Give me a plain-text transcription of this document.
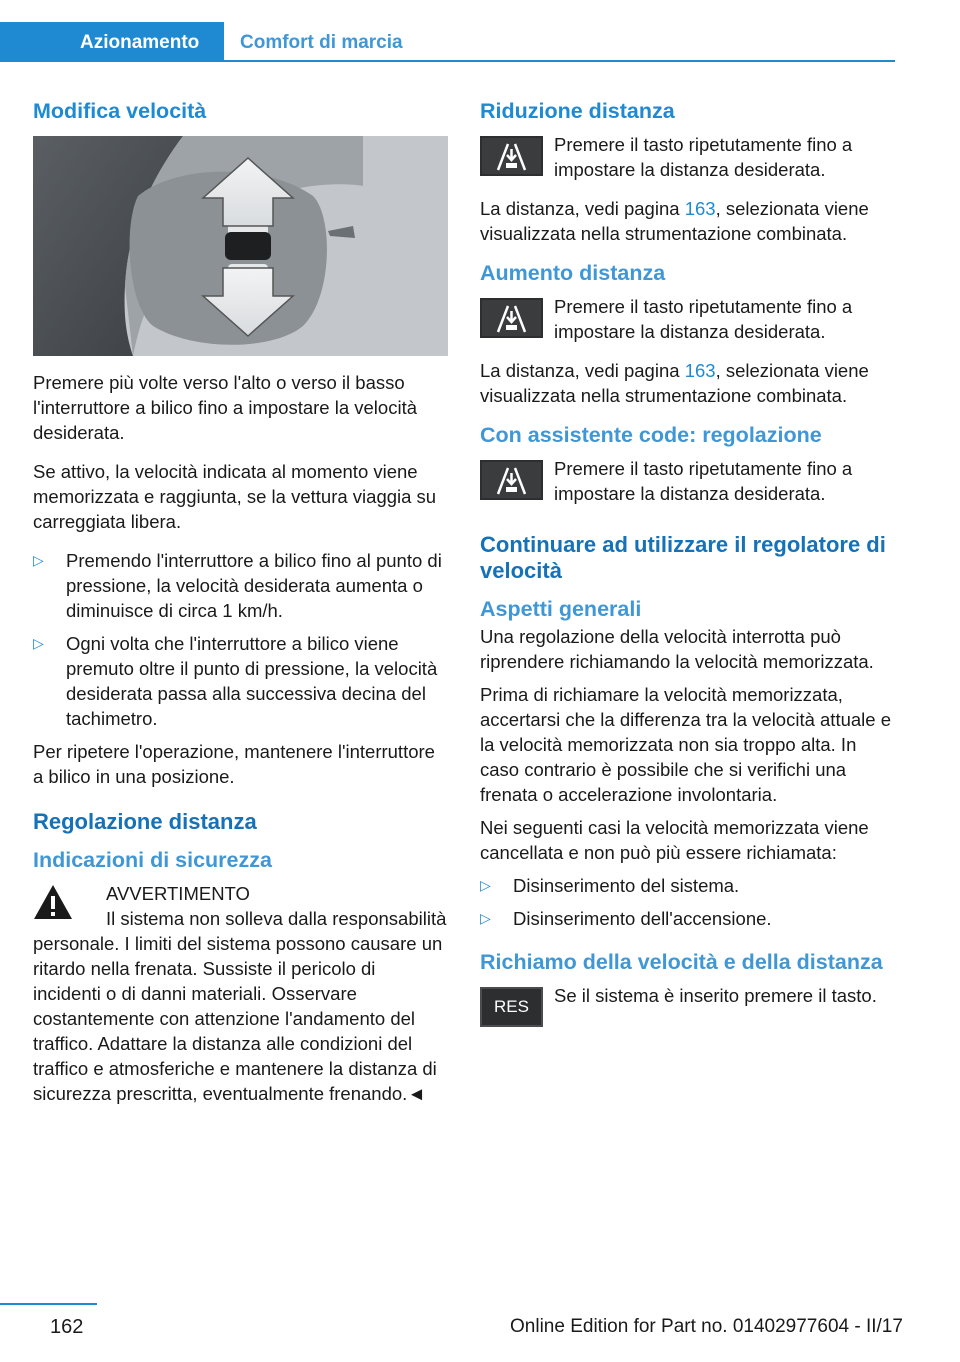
Azionamento	Comfort di marcia
Modifica velocità
Premere più volte verso l'alto o verso il basso l'interruttore a bilico fino a impostare la velocità desiderata.
Se attivo, la velocità indicata al momento viene memorizzata e raggiunta, se la vettura viaggia su carreggiata libera.
▷	Premendo l'interruttore a bilico fino al punto di pressione, la velocità desiderata aumenta o diminuisce di circa 1 km/h.
▷	Ogni volta che l'interruttore a bilico viene premuto oltre il punto di pressione, la velocità desiderata passa alla successiva decina del tachimetro.
Per ripetere l'operazione, mantenere l'interruttore a bilico in una posizione.
Regolazione distanza
Indicazioni di sicurezza
AVVERTIMENTO
Il sistema non solleva dalla responsabilità
personale. I limiti del sistema possono causare un ritardo nella frenata. Sussiste il pericolo di incidenti o di danni materiali. Osservare costantemente con attenzione l'andamento del traffico. Adattare la distanza alle condizioni del traffico e atmosferiche e mantenere la distanza di sicurezza prescritta, eventualmente frenando.◄
Riduzione distanza
Premere il tasto ripetutamente fino a impostare la distanza desiderata.
La distanza, vedi pagina 163, selezionata viene visualizzata nella strumentazione combinata.
Aumento distanza
Premere il tasto ripetutamente fino a impostare la distanza desiderata.
La distanza, vedi pagina 163, selezionata viene visualizzata nella strumentazione combinata.
Con assistente code: regolazione
Premere il tasto ripetutamente fino a impostare la distanza desiderata.
Continuare ad utilizzare il regolatore di velocità
Aspetti generali
Una regolazione della velocità interrotta può riprendere richiamando la velocità memorizzata.
Prima di richiamare la velocità memorizzata, accertarsi che la differenza tra la velocità attuale e la velocità memorizzata non sia troppo alta. In caso contrario è possibile che si verifichi una frenata o accelerazione involontaria.
Nei seguenti casi la velocità memorizzata viene cancellata e non può più essere richiamata:
▷	Disinserimento del sistema.
▷	Disinserimento dell'accensione.
Richiamo della velocità e della distanza
RES
Se il sistema è inserito premere il tasto.
162	Online Edition for Part no. 01402977604 - II/17
